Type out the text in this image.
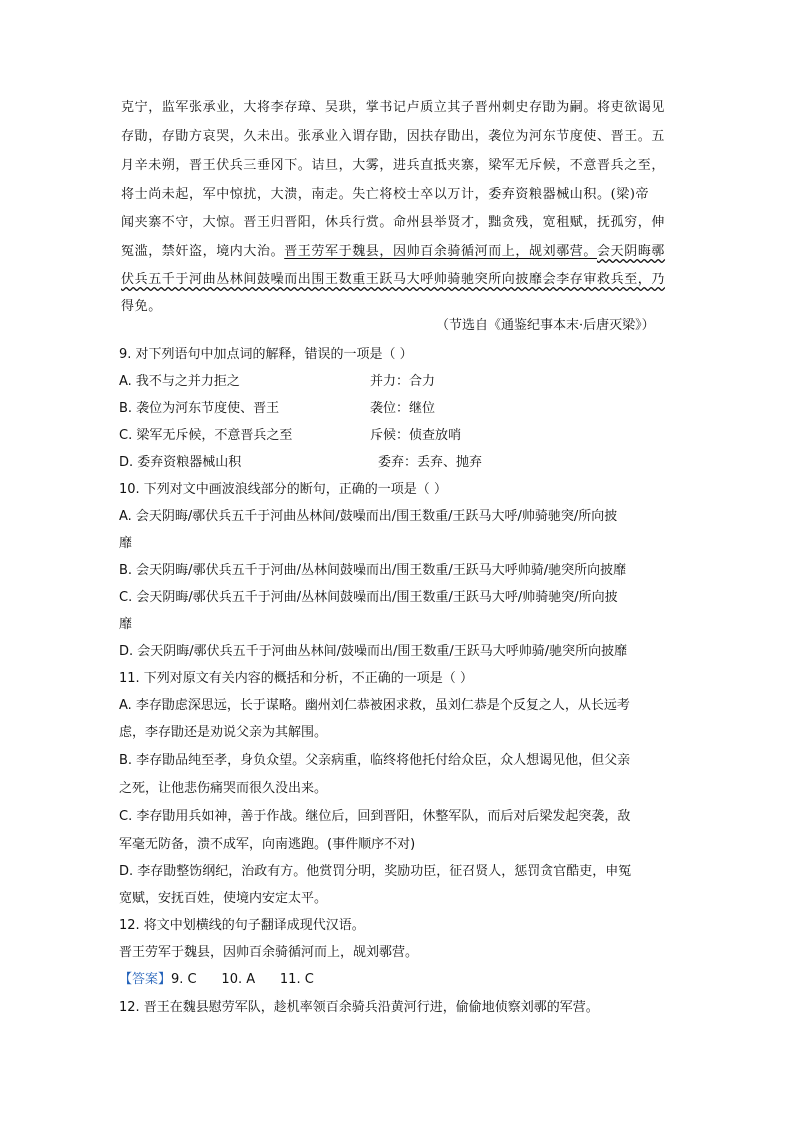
克宁，监军张承业，大将李存璋、吴珙，掌书记卢质立其子晋州刺史存勖为嗣。将吏欲谒见
存勖，存勖方哀哭，久未出。张承业入谓存勖，因扶存勖出，袭位为河东节度使、晋王。五
月辛未朔，晋王伏兵三垂冈下。诘旦，大雾，进兵直抵夹寨，梁军无斥候，不意晋兵之至，
将士尚未起，军中惊扰，大溃，南走。失亡将校士卒以万计，委弃资粮器械山积。(梁)帝
闻夹寨不守，大惊。晋王归晋阳，休兵行赏。命州县举贤才，黜贪残，宽租赋，抚孤穷，伸
冤滥，禁奸盗，境内大治。晋王劳军于魏县，因帅百余骑循河而上，觇刘鄩营。会天阴晦鄩
伏兵五千于河曲丛林间鼓噪而出围王数重王跃马大呼帅骑驰突所向披靡会李存审救兵至，乃
得免。
（节选自《通鉴纪事本末·后唐灭梁》）
9. 对下列语句中加点词的解释，错误的一项是（ ）
A. 我不与之并力拒之	并力：合力
B. 袭位为河东节度使、晋王	袭位：继位
C. 梁军无斥候，不意晋兵之至	斥候：侦查放哨
D. 委弃资粮器械山积	委弃：丢弃、抛弃
10. 下列对文中画波浪线部分的断句，正确的一项是（ ）
A. 会天阴晦/鄩伏兵五千于河曲丛林间/鼓噪而出/围王数重/王跃马大呼/帅骑驰突/所向披
靡
B. 会天阴晦/鄩伏兵五千于河曲/丛林间鼓噪而出/围王数重/王跃马大呼帅骑/驰突所向披靡
C. 会天阴晦/鄩伏兵五千于河曲/丛林间鼓噪而出/围王数重/王跃马大呼/帅骑驰突/所向披
靡
D. 会天阴晦/鄩伏兵五千于河曲丛林间/鼓噪而出/围王数重/王跃马大呼帅骑/驰突所向披靡
11. 下列对原文有关内容的概括和分析，不正确的一项是（ ）
A. 李存勖虑深思远，长于谋略。幽州刘仁恭被困求救，虽刘仁恭是个反复之人，从长远考
虑，李存勖还是劝说父亲为其解围。
B. 李存勖品纯至孝，身负众望。父亲病重，临终将他托付给众臣，众人想谒见他，但父亲
之死，让他悲伤痛哭而很久没出来。
C. 李存勖用兵如神，善于作战。继位后，回到晋阳，休整军队，而后对后梁发起突袭，敌
军毫无防备，溃不成军，向南逃跑。(事件顺序不对)
D. 李存勖整饬纲纪，治政有方。他赏罚分明，奖励功臣，征召贤人，惩罚贪官酷吏，申冤
宽赋，安抚百姓，使境内安定太平。
12. 将文中划横线的句子翻译成现代汉语。
晋王劳军于魏县，因帅百余骑循河而上，觇刘鄩营。
【答案】9. C      10. A      11. C
12. 晋王在魏县慰劳军队，趁机率领百余骑兵沿黄河行进，偷偷地侦察刘鄩的军营。
